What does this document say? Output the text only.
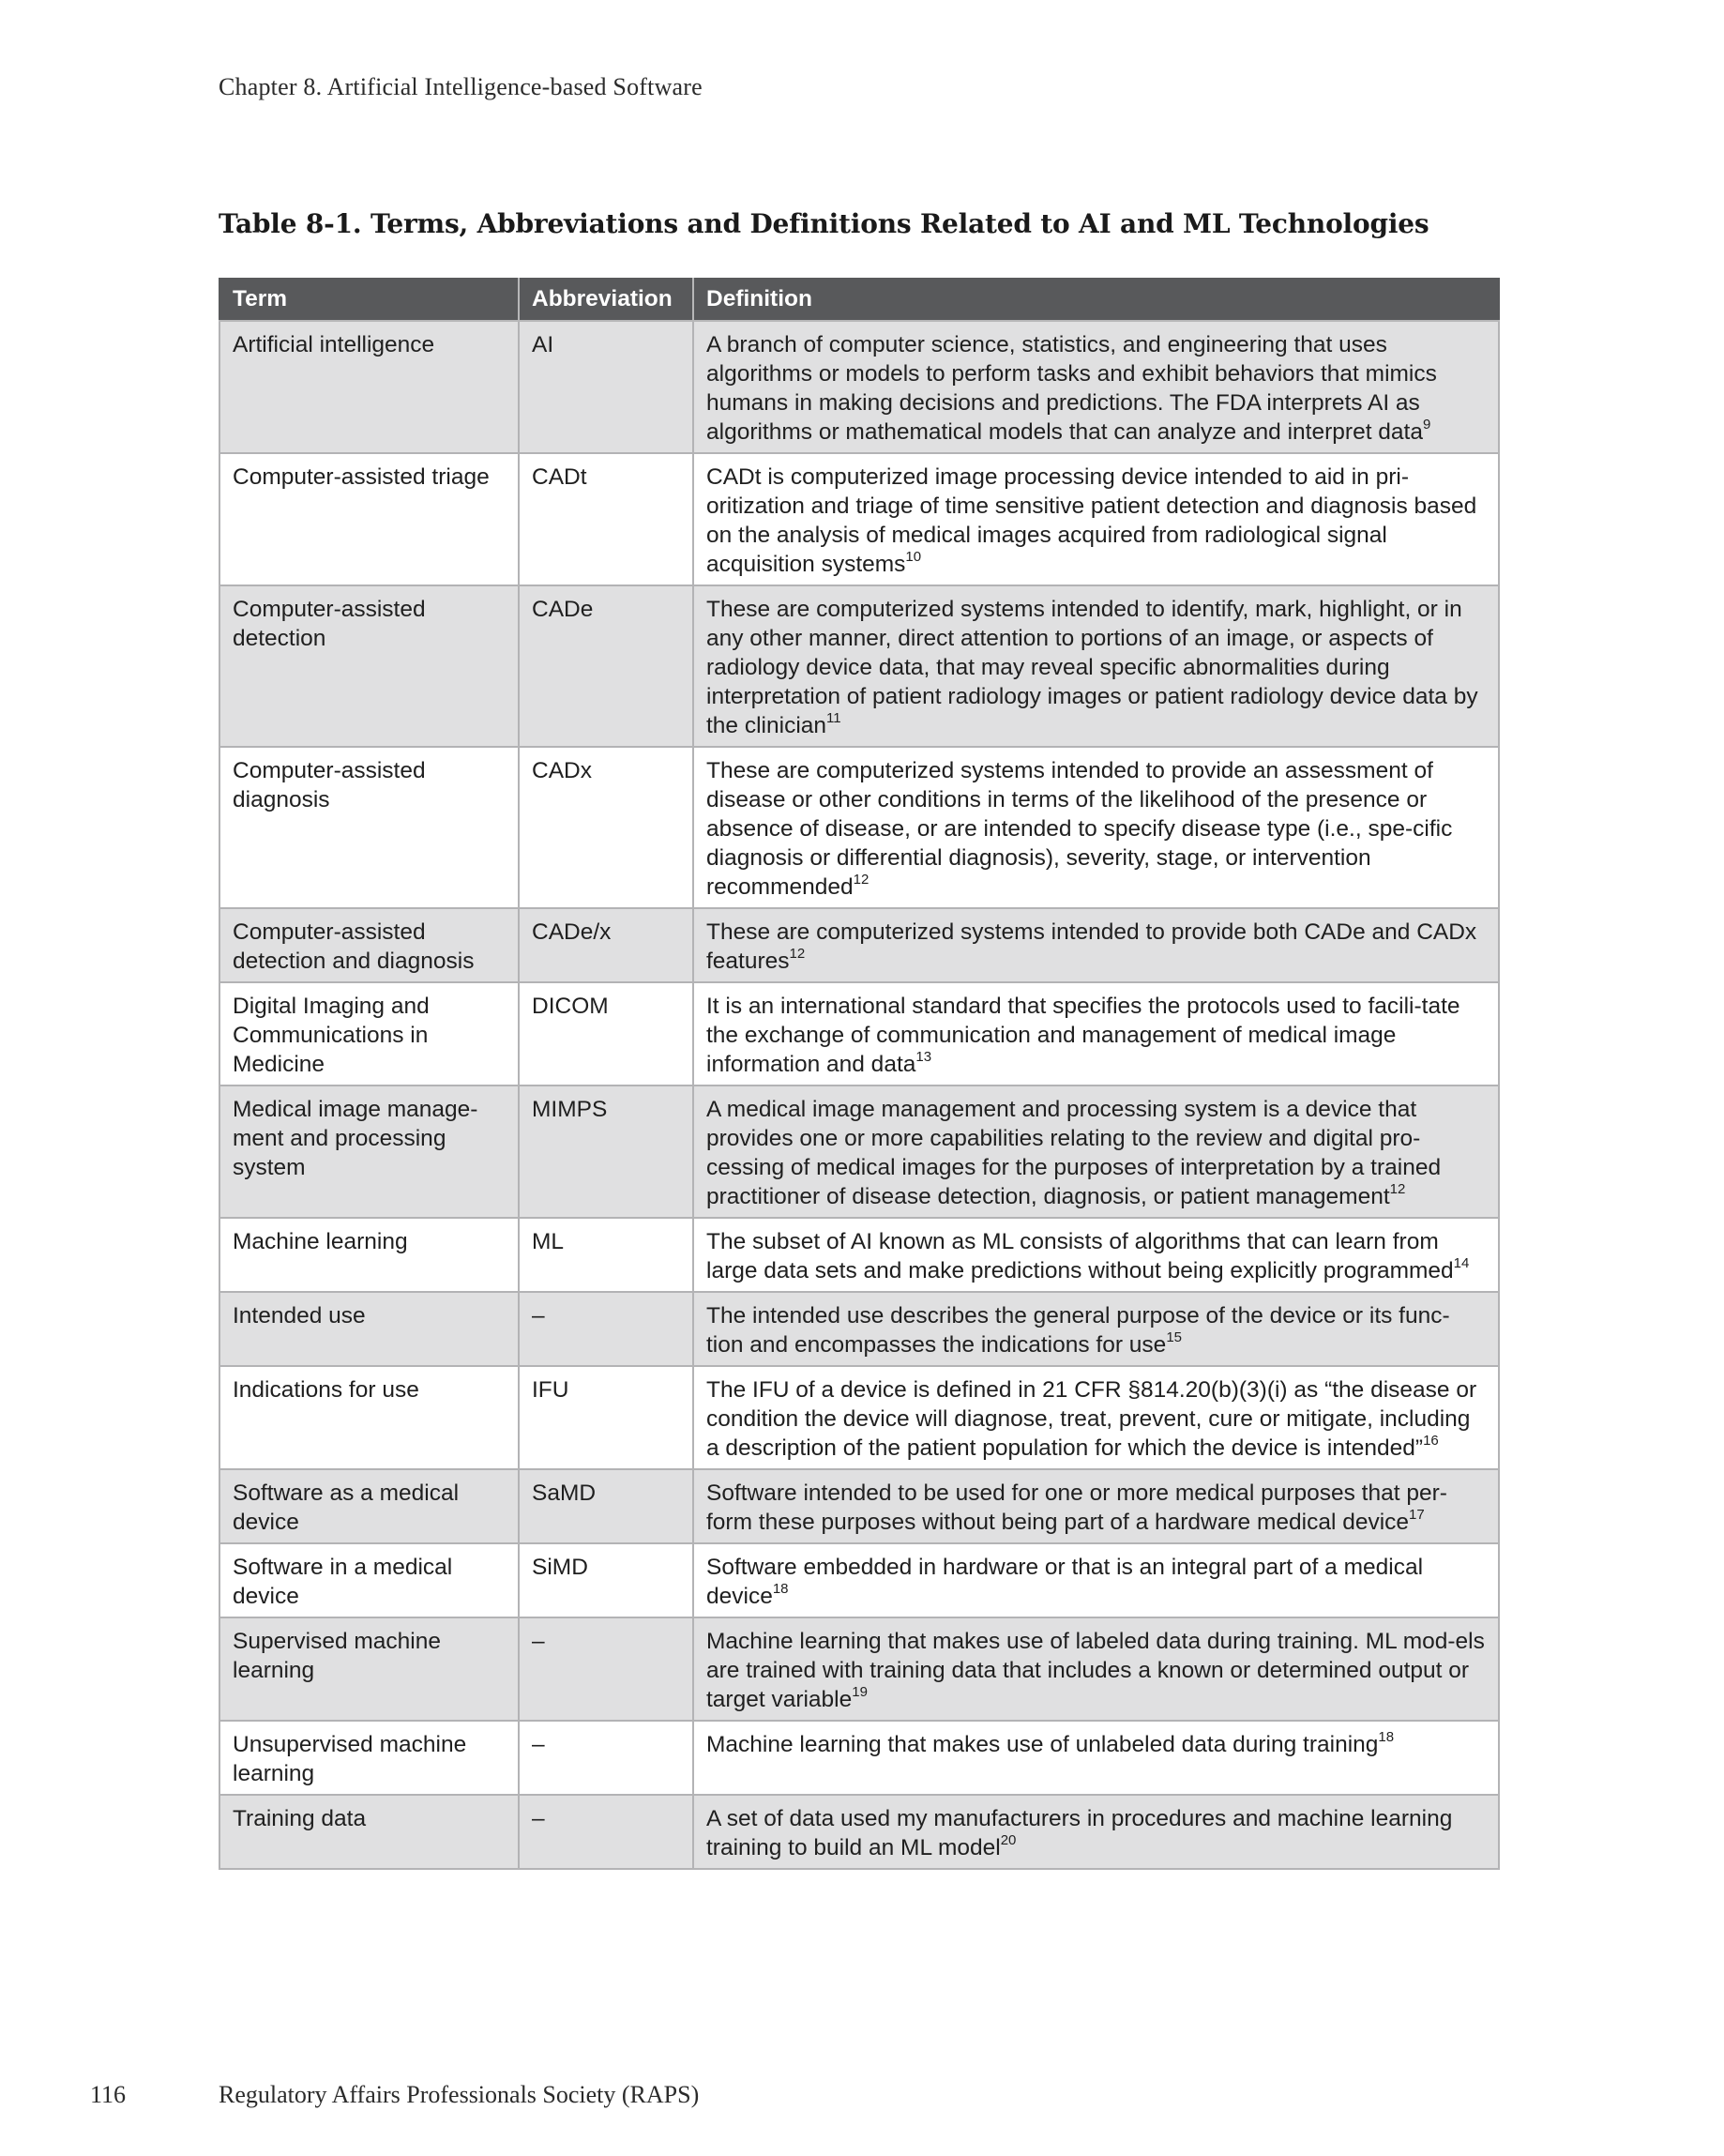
Chapter 8. Artificial Intelligence-based Software
Table 8-1. Terms, Abbreviations and Definitions Related to AI and ML Technologies
Term	Abbreviation	Definition
Artificial intelligence	AI	A branch of computer science, statistics, and engineering that uses algorithms or models to perform tasks and exhibit behaviors that mimics humans in making decisions and predictions. The FDA interprets AI as algorithms or mathematical models that can analyze and interpret data$^9$
Computer-assisted triage	CADt	CADt is computerized image processing device intended to aid in pri-oritization and triage of time sensitive patient detection and diagnosis based on the analysis of medical images acquired from radiological signal acquisition systems$^{10}$
Computer-assisted detection	CADe	These are computerized systems intended to identify, mark, highlight, or in any other manner, direct attention to portions of an image, or aspects of radiology device data, that may reveal specific abnormalities during interpretation of patient radiology images or patient radiology device data by the clinician$^{11}$
Computer-assisted diagnosis	CADx	These are computerized systems intended to provide an assessment of disease or other conditions in terms of the likelihood of the presence or absence of disease, or are intended to specify disease type (i.e., spe-cific diagnosis or differential diagnosis), severity, stage, or intervention recommended$^{12}$
Computer-assisted detection and diagnosis	CADe/x	These are computerized systems intended to provide both CADe and CADx features$^{12}$
Digital Imaging and Communications in Medicine	DICOM	It is an international standard that specifies the protocols used to facili-tate the exchange of communication and management of medical image information and data$^{13}$
Medical image manage-ment and processing system	MIMPS	A medical image management and processing system is a device that provides one or more capabilities relating to the review and digital pro-cessing of medical images for the purposes of interpretation by a trained practitioner of disease detection, diagnosis, or patient management$^{12}$
Machine learning	ML	The subset of AI known as ML consists of algorithms that can learn from large data sets and make predictions without being explicitly programmed$^{14}$
Intended use	–	The intended use describes the general purpose of the device or its func-tion and encompasses the indications for use$^{15}$
Indications for use	IFU	The IFU of a device is defined in 21 CFR §814.20(b)(3)(i) as “the disease or condition the device will diagnose, treat, prevent, cure or mitigate, including a description of the patient population for which the device is intended”$^{16}$
Software as a medical device	SaMD	Software intended to be used for one or more medical purposes that per-form these purposes without being part of a hardware medical device$^{17}$
Software in a medical device	SiMD	Software embedded in hardware or that is an integral part of a medical device$^{18}$
Supervised machine learning	–	Machine learning that makes use of labeled data during training. ML mod-els are trained with training data that includes a known or determined output or target variable$^{19}$
Unsupervised machine learning	–	Machine learning that makes use of unlabeled data during training$^{18}$
Training data	–	A set of data used my manufacturers in procedures and machine learning training to build an ML model$^{20}$
116	Regulatory Affairs Professionals Society (RAPS)
